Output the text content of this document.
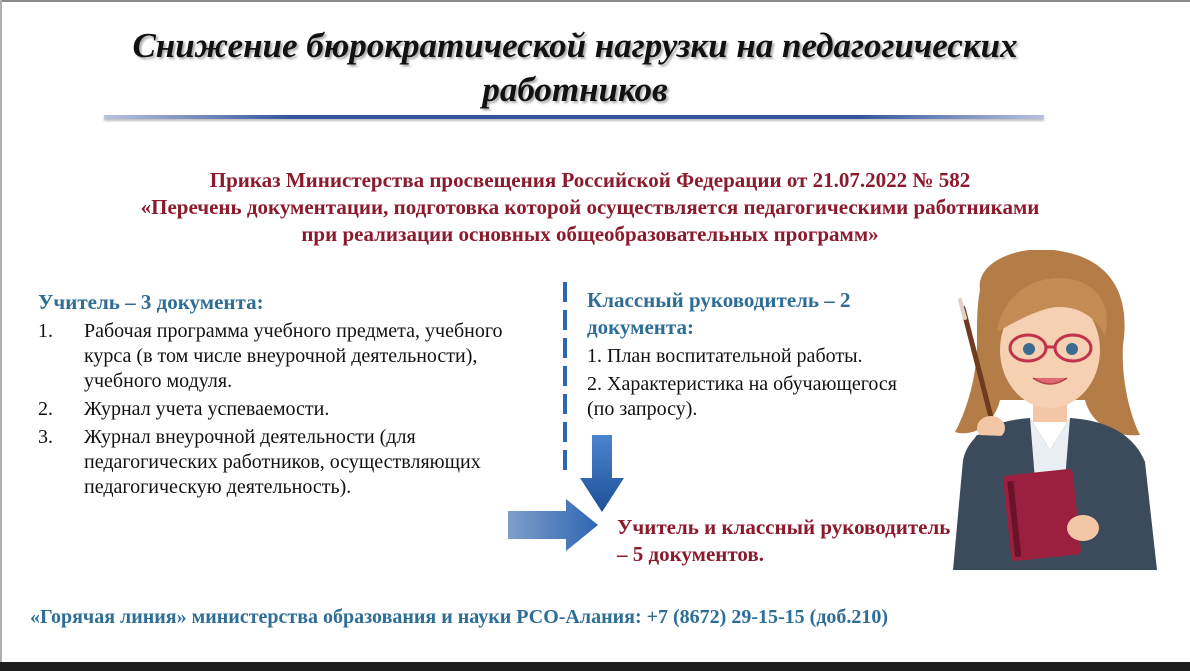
Снижение бюрократической нагрузки на педагогических работников
Приказ Министерства просвещения Российской Федерации от 21.07.2022 № 582
«Перечень документации, подготовка которой осуществляется педагогическими работниками
при реализации основных общеобразовательных программ»
Учитель – 3 документа:
1. Рабочая программа учебного предмета, учебного курса (в том числе внеурочной деятельности), учебного модуля.
2. Журнал учета успеваемости.
3. Журнал внеурочной деятельности (для педагогических работников, осуществляющих педагогическую деятельность).
Классный руководитель – 2 документа:
1. План воспитательной работы.
2. Характеристика на обучающегося (по запросу).
Учитель и классный руководитель – 5 документов.
«Горячая линия» министерства образования и науки РСО-Алания: +7 (8672) 29-15-15 (доб.210)
